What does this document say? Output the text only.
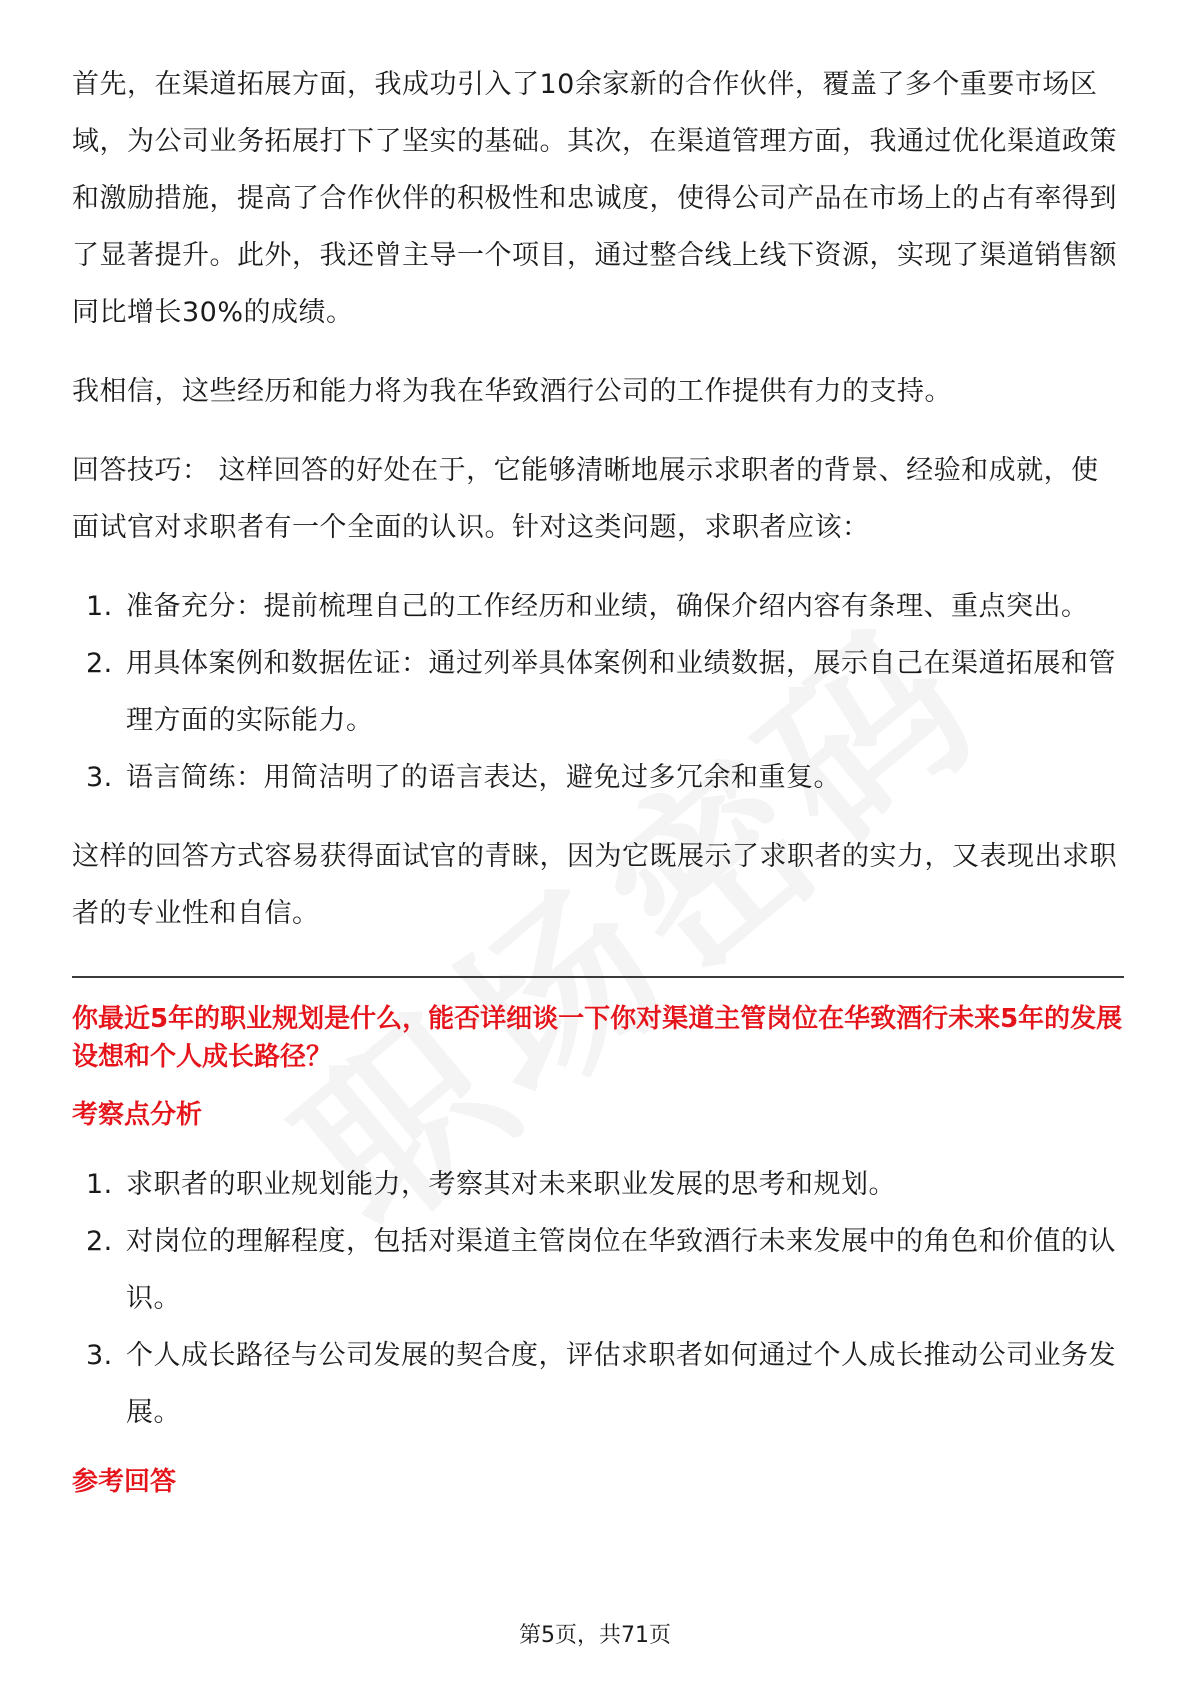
首先，在渠道拓展方面，我成功引入了10余家新的合作伙伴，覆盖了多个重要市场区域，为公司业务拓展打下了坚实的基础。其次，在渠道管理方面，我通过优化渠道政策和激励措施，提高了合作伙伴的积极性和忠诚度，使得公司产品在市场上的占有率得到了显著提升。此外，我还曾主导一个项目，通过整合线上线下资源，实现了渠道销售额同比增长30%的成绩。

我相信，这些经历和能力将为我在华致酒行公司的工作提供有力的支持。

回答技巧： 这样回答的好处在于，它能够清晰地展示求职者的背景、经验和成就，使面试官对求职者有一个全面的认识。针对这类问题，求职者应该：

1. 准备充分：提前梳理自己的工作经历和业绩，确保介绍内容有条理、重点突出。
2. 用具体案例和数据佐证：通过列举具体案例和业绩数据，展示自己在渠道拓展和管理方面的实际能力。
3. 语言简练：用简洁明了的语言表达，避免过多冗余和重复。

这样的回答方式容易获得面试官的青睐，因为它既展示了求职者的实力，又表现出求职者的专业性和自信。

你最近5年的职业规划是什么，能否详细谈一下你对渠道主管岗位在华致酒行未来5年的发展设想和个人成长路径？

考察点分析

1. 求职者的职业规划能力，考察其对未来职业发展的思考和规划。
2. 对岗位的理解程度，包括对渠道主管岗位在华致酒行未来发展中的角色和价值的认识。
3. 个人成长路径与公司发展的契合度，评估求职者如何通过个人成长推动公司业务发展。

参考回答

第5页，共71页
